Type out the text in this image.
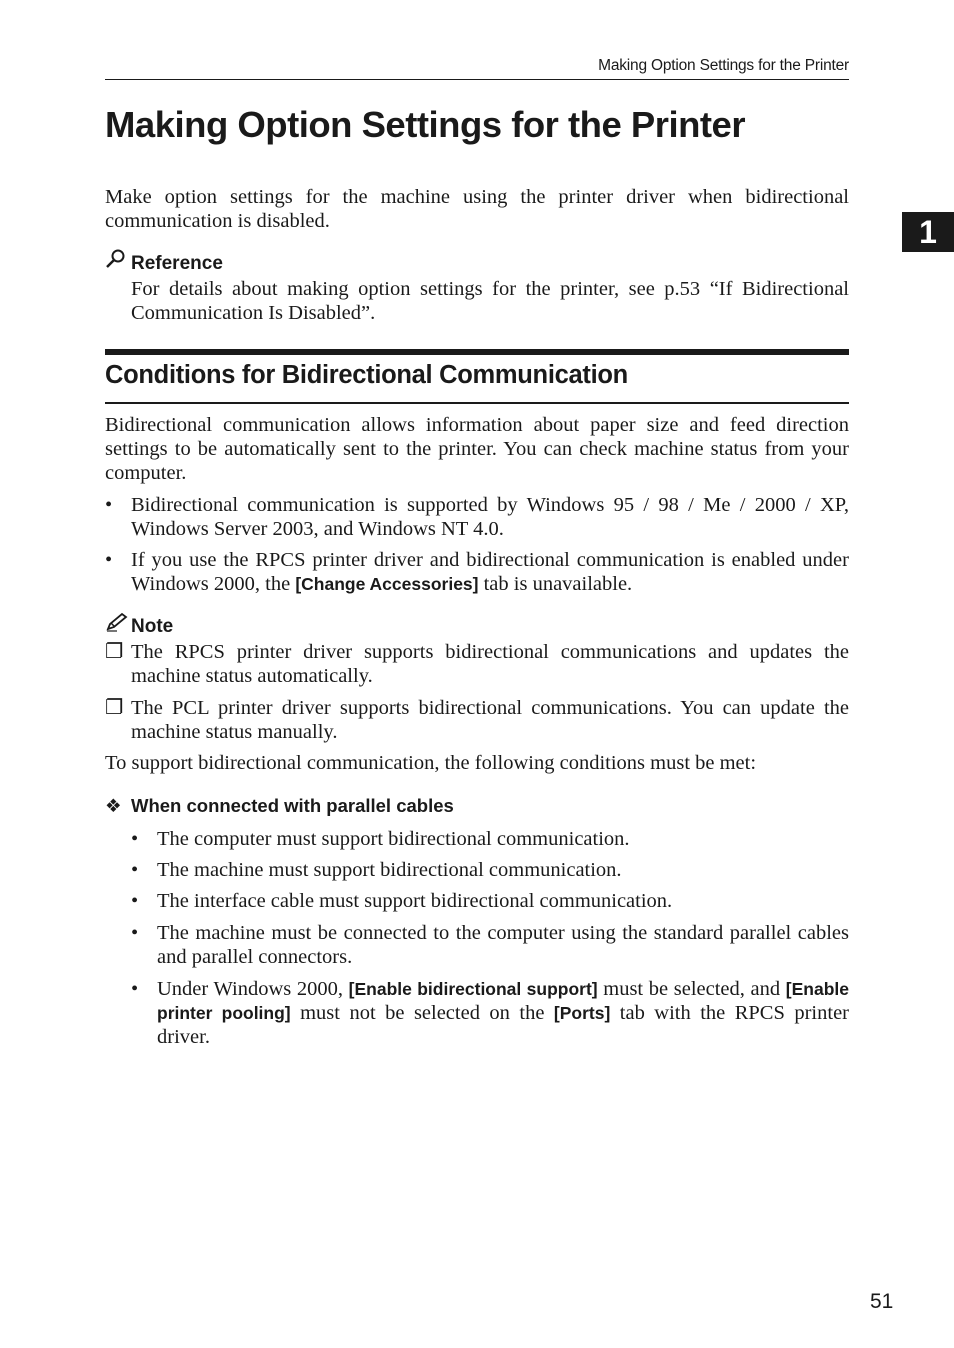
Making Option Settings for the Printer
Making Option Settings for the Printer
1

Make option settings for the machine using the printer driver when bidirectional communication is disabled.

Reference

For details about making option settings for the printer, see p.53 “If Bidirectional Communication Is Disabled”.

Conditions for Bidirectional Communication

Bidirectional communication allows information about paper size and feed direction settings to be automatically sent to the printer. You can check machine status from your computer.

• Bidirectional communication is supported by Windows 95 / 98 / Me / 2000 / XP, Windows Server 2003, and Windows NT 4.0.
• If you use the RPCS printer driver and bidirectional communication is enabled under Windows 2000, the [Change Accessories] tab is unavailable.
Note
❐ The RPCS printer driver supports bidirectional communications and updates the machine status automatically.
❐ The PCL printer driver supports bidirectional communications. You can update the machine status manually.

To support bidirectional communication, the following conditions must be met:

❖ When connected with parallel cables
• The computer must support bidirectional communication.
• The machine must support bidirectional communication.
• The interface cable must support bidirectional communication.
• The machine must be connected to the computer using the standard parallel cables and parallel connectors.
• Under Windows 2000, [Enable bidirectional support] must be selected, and [Enable printer pooling] must not be selected on the [Ports] tab with the RPCS printer driver.
51
